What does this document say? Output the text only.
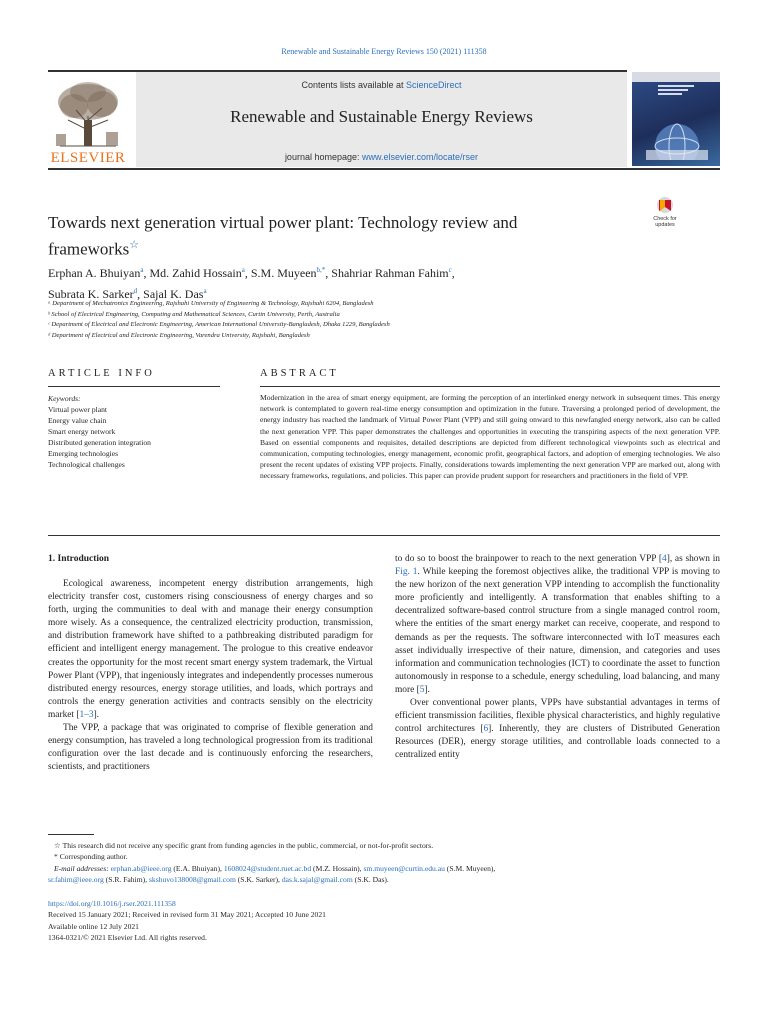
Renewable and Sustainable Energy Reviews 150 (2021) 111358
Contents lists available at ScienceDirect
Renewable and Sustainable Energy Reviews
journal homepage: www.elsevier.com/locate/rser
ELSEVIER
Check for
updates
Towards next generation virtual power plant: Technology review and
frameworks☆
Erphan A. Bhuiyan$^a$, Md. Zahid Hossain$^a$, S.M. Muyeen$^{b,*}$, Shahriar Rahman Fahim$^c$,
Subrata K. Sarker$^d$, Sajal K. Das$^a$
ᵃ Department of Mechatronics Engineering, Rajshahi University of Engineering & Technology, Rajshahi 6204, Bangladesh
ᵇ School of Electrical Engineering, Computing and Mathematical Sciences, Curtin University, Perth, Australia
ᶜ Department of Electrical and Electronic Engineering, American International University-Bangladesh, Dhaka 1229, Bangladesh
ᵈ Department of Electrical and Electronic Engineering, Varendra University, Rajshahi, Bangladesh
ARTICLE INFO	ABSTRACT
Keywords:
Virtual power plant
Energy value chain
Smart energy network
Distributed generation integration
Emerging technologies
Technological challenges
Modernization in the area of smart energy equipment, are forming the perception of an interlinked energy network in subsequent times. This energy network is contemplated to govern real-time energy consumption and optimization in the future. Traversing a prolonged period of development, the energy industry has reached the landmark of Virtual Power Plant (VPP) and still going onward to this newfangled energy network, also can be called the next generation VPP. This paper demonstrates the challenges and opportunities in executing the transpiring aspects of the next generation VPP. Based on essential components and requisites, detailed descriptions are depicted from different technological viewpoints such as electrical and communication, computing technologies, energy management, economic profit, geographical factors, and adoption of emerging technologies. We also present the recent updates of existing VPP projects. Finally, considerations towards implementing the next generation VPP are marked out, along with necessary frameworks, regulations, and policies. This paper can provide prudent support for researchers and practitioners in the field of VPP.
1. Introduction

Ecological awareness, incompetent energy distribution arrangements, high electricity transfer cost, customers rising consciousness of energy charges and so forth, urging the communities to deal with and manage their energy consumption more wisely. As a consequence, the centralized electricity production, transmission, and distribution framework have shifted to a pathbreaking distributed paradigm for efficient and intelligent energy management. The prologue to this creative endeavor creates the opportunity for the most recent smart energy system trademark, the Virtual Power Plant (VPP), that ingeniously integrates and independently processes numerous distributed energy resources, energy storage utilities, and loads, which portrays and controls the energy generation activities and contracts sensibly on the electricity market [1–3].

The VPP, a package that was originated to comprise of flexible generation and energy consumption, has traveled a long technological progression from its traditional configuration over the last decade and is continuously enforcing the researchers, scientists, and practitioners

to do so to boost the brainpower to reach to the next generation VPP [4], as shown in Fig. 1. While keeping the foremost objectives alike, the traditional VPP is moving to the new horizon of the next generation VPP intending to accomplish the functionality more proficiently and intelligently. A transformation that enables shifting to a decentralized software-based control structure from a single managed control room, where the entities of the smart energy market can receive, cooperate, and respond to demands as per the requests. The software interconnected with IoT measures each asset individually irrespective of their nature, dimension, and categories and uses information and communication technologies (ICT) to coordinate the asset to function autonomously in response to a schedule, energy scheduling, load balancing, and many more [5].

Over conventional power plants, VPPs have substantial advantages in terms of efficient transmission facilities, flexible physical characteristics, and highly regulative control architectures [6]. Inherently, they are clusters of Distributed Generation Resources (DER), energy storage utilities, and controllable loads connected to a centralized entity

☆ This research did not receive any specific grant from funding agencies in the public, commercial, or not-for-profit sectors.
* Corresponding author.
E-mail addresses: erphan.ab@ieee.org (E.A. Bhuiyan), 1608024@student.ruet.ac.bd (M.Z. Hossain), sm.muyeen@curtin.edu.au (S.M. Muyeen),
sr.fahim@ieee.org (S.R. Fahim), skshuvo138008@gmail.com (S.K. Sarker), das.k.sajal@gmail.com (S.K. Das).
https://doi.org/10.1016/j.rser.2021.111358
Received 15 January 2021; Received in revised form 31 May 2021; Accepted 10 June 2021
Available online 12 July 2021
1364-0321/© 2021 Elsevier Ltd. All rights reserved.
